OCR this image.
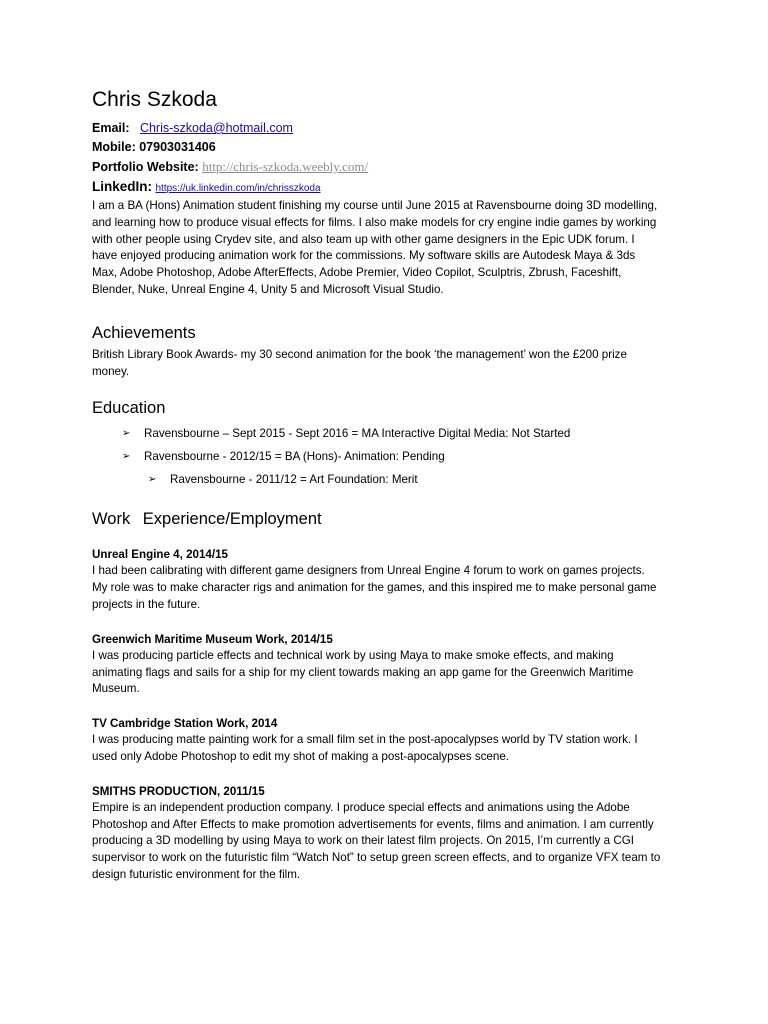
Chris Szkoda
Email: Chris-szkoda@hotmail.com
Mobile: 07903031406
Portfolio Website: http://chris-szkoda.weebly.com/
LinkedIn: https://uk.linkedin.com/in/chrisszkoda

I am a BA (Hons) Animation student finishing my course until June 2015 at Ravensbourne doing 3D modelling, and learning how to produce visual effects for films. I also make models for cry engine indie games by working with other people using Crydev site, and also team up with other game designers in the Epic UDK forum. I have enjoyed producing animation work for the commissions. My software skills are Autodesk Maya & 3ds Max, Adobe Photoshop, Adobe AfterEffects, Adobe Premier, Video Copilot, Sculptris, Zbrush, Faceshift, Blender, Nuke, Unreal Engine 4, Unity 5 and Microsoft Visual Studio.

Achievements

British Library Book Awards- my 30 second animation for the book ‘the management’ won the £200 prize money.

Education
➢	Ravensbourne – Sept 2015 - Sept 2016 = MA Interactive Digital Media: Not Started
➢	Ravensbourne - 2012/15 = BA (Hons)- Animation: Pending
➢	Ravensbourne - 2011/12 = Art Foundation: Merit
Work Experience/Employment
Unreal Engine 4, 2014/15

I had been calibrating with different game designers from Unreal Engine 4 forum to work on games projects. My role was to make character rigs and animation for the games, and this inspired me to make personal game projects in the future.

Greenwich Maritime Museum Work, 2014/15

I was producing particle effects and technical work by using Maya to make smoke effects, and making animating flags and sails for a ship for my client towards making an app game for the Greenwich Maritime Museum.

TV Cambridge Station Work, 2014

I was producing matte painting work for a small film set in the post-apocalypses world by TV station work. I used only Adobe Photoshop to edit my shot of making a post-apocalypses scene.

SMITHS PRODUCTION, 2011/15

Empire is an independent production company. I produce special effects and animations using the Adobe Photoshop and After Effects to make promotion advertisements for events, films and animation. I am currently producing a 3D modelling by using Maya to work on their latest film projects. On 2015, I’m currently a CGI supervisor to work on the futuristic film “Watch Not” to setup green screen effects, and to organize VFX team to design futuristic environment for the film.
